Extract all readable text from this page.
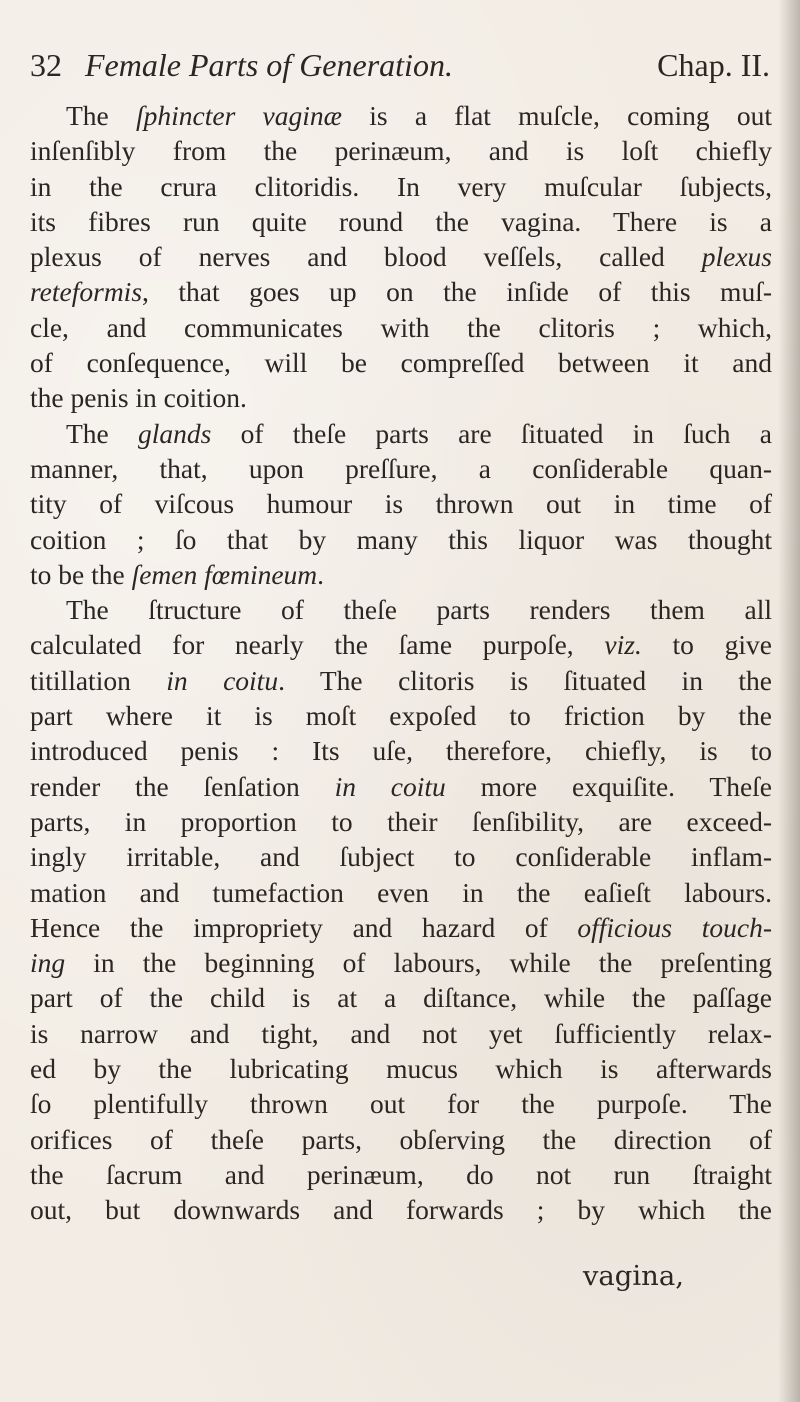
32 Female Parts of Generation.	Chap. II.
The ſphincter vaginæ is a flat muſcle, coming out
inſenſibly from the perinæum, and is loſt chiefly
in the crura clitoridis. In very muſcular ſubjects,
its fibres run quite round the vagina. There is a
plexus of nerves and blood veſſels, called plexus
reteformis, that goes up on the inſide of this muſ-
cle, and communicates with the clitoris ; which,
of conſequence, will be compreſſed between it and
the penis in coition.
The glands of theſe parts are ſituated in ſuch a
manner, that, upon preſſure, a conſiderable quan-
tity of viſcous humour is thrown out in time of
coition ; ſo that by many this liquor was thought
to be the ſemen fœmineum.
The ſtructure of theſe parts renders them all
calculated for nearly the ſame purpoſe, viz. to give
titillation in coitu. The clitoris is ſituated in the
part where it is moſt expoſed to friction by the
introduced penis : Its uſe, therefore, chiefly, is to
render the ſenſation in coitu more exquiſite. Theſe
parts, in proportion to their ſenſibility, are exceed-
ingly irritable, and ſubject to conſiderable inflam-
mation and tumefaction even in the eaſieſt labours.
Hence the impropriety and hazard of officious touch-
ing in the beginning of labours, while the preſenting
part of the child is at a diſtance, while the paſſage
is narrow and tight, and not yet ſufficiently relax-
ed by the lubricating mucus which is afterwards
ſo plentifully thrown out for the purpoſe. The
orifices of theſe parts, obſerving the direction of
the ſacrum and perinæum, do not run ſtraight
out, but downwards and forwards ; by which the
vagina,
